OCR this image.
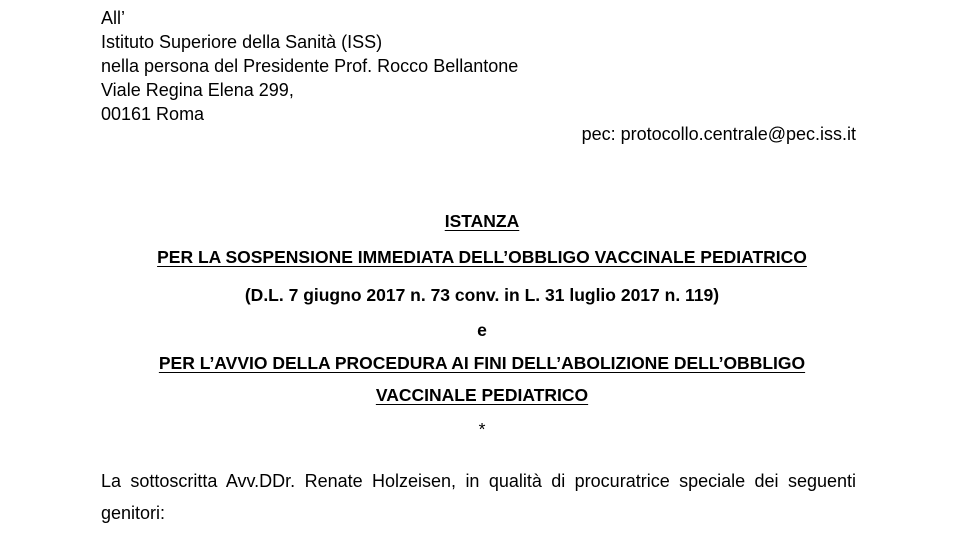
All’
Istituto Superiore della Sanità (ISS)
nella persona del Presidente Prof. Rocco Bellantone
Viale Regina Elena 299,
00161 Roma
pec: protocollo.centrale@pec.iss.it
ISTANZA
PER LA SOSPENSIONE IMMEDIATA DELL’OBBLIGO VACCINALE PEDIATRICO
(D.L. 7 giugno 2017 n. 73 conv. in L. 31 luglio 2017 n. 119)
e
PER L’AVVIO DELLA PROCEDURA AI FINI DELL’ABOLIZIONE DELL’OBBLIGO
VACCINALE PEDIATRICO
*
La sottoscritta Avv.DDr. Renate Holzeisen, in qualità di procuratrice speciale dei seguenti genitori:
